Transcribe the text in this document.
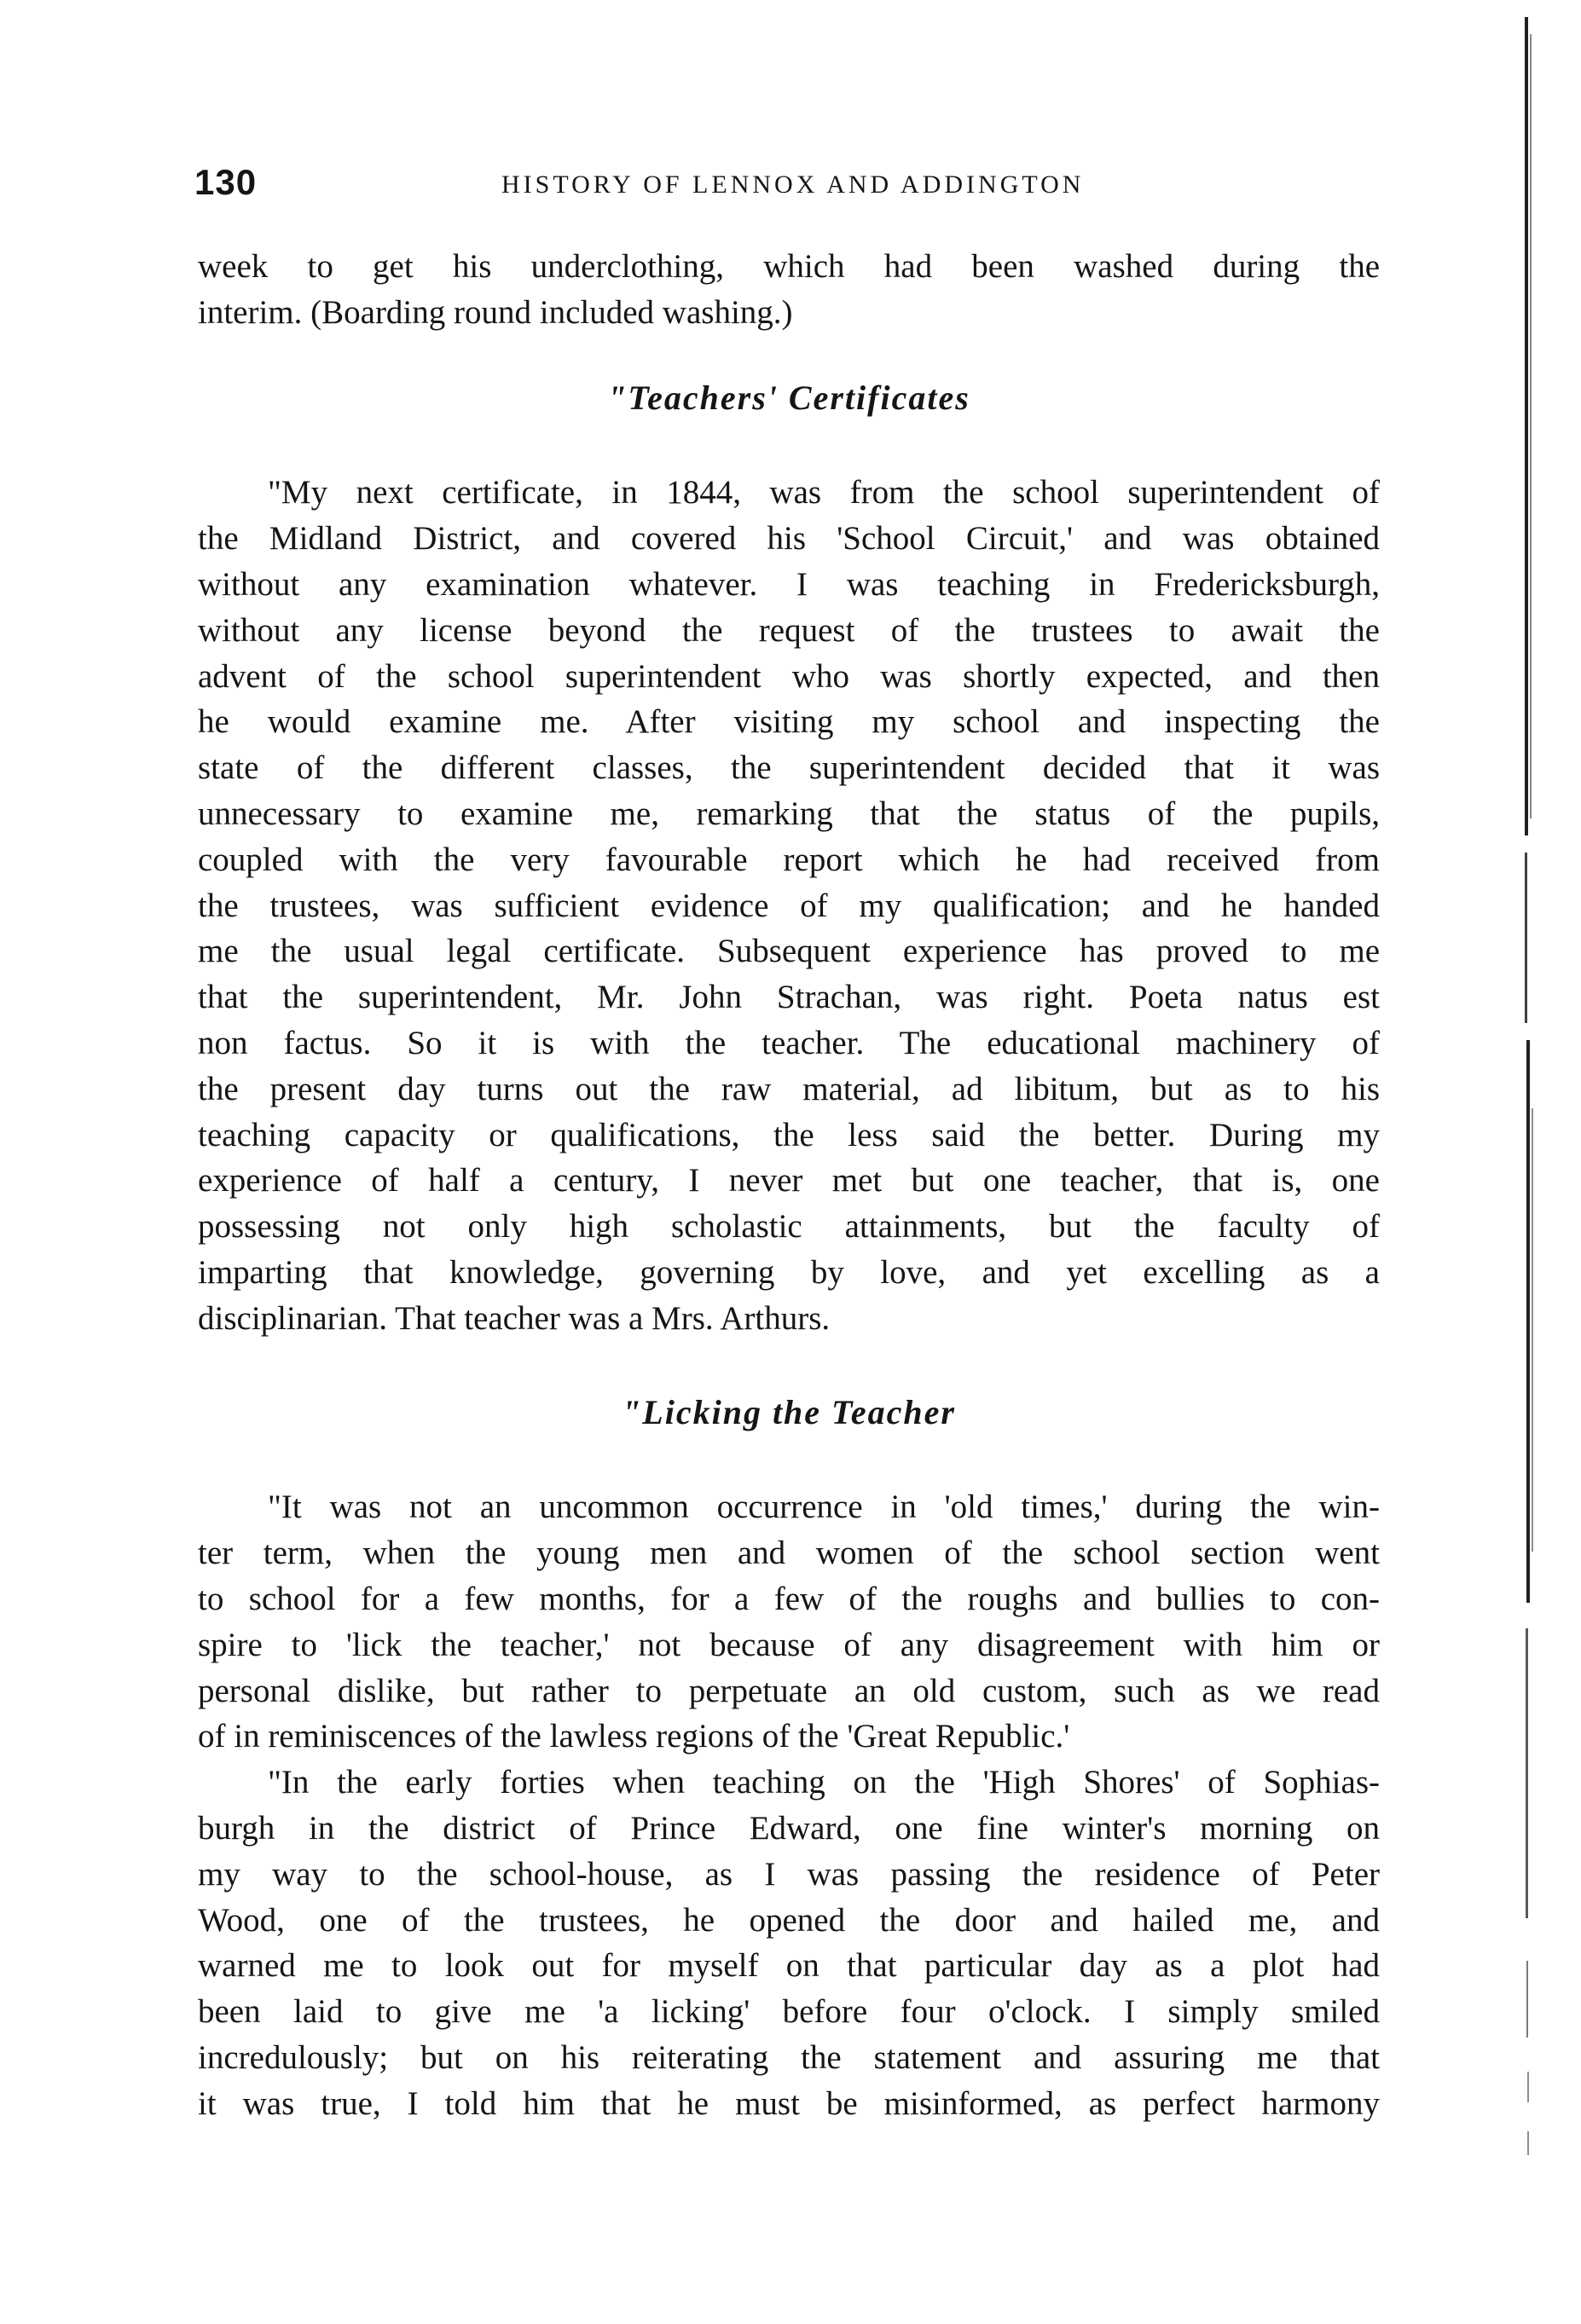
130	HISTORY OF LENNOX AND ADDINGTON

week to get his underclothing, which had been washed during the
interim. (Boarding round included washing.)

"Teachers' Certificates

"My next certificate, in 1844, was from the school superintendent of
the Midland District, and covered his 'School Circuit,' and was obtained
without any examination whatever. I was teaching in Fredericksburgh,
without any license beyond the request of the trustees to await the
advent of the school superintendent who was shortly expected, and then
he would examine me. After visiting my school and inspecting the
state of the different classes, the superintendent decided that it was
unnecessary to examine me, remarking that the status of the pupils,
coupled with the very favourable report which he had received from
the trustees, was sufficient evidence of my qualification; and he handed
me the usual legal certificate. Subsequent experience has proved to me
that the superintendent, Mr. John Strachan, was right. Poeta natus est
non factus. So it is with the teacher. The educational machinery of
the present day turns out the raw material, ad libitum, but as to his
teaching capacity or qualifications, the less said the better. During my
experience of half a century, I never met but one teacher, that is, one
possessing not only high scholastic attainments, but the faculty of
imparting that knowledge, governing by love, and yet excelling as a
disciplinarian. That teacher was a Mrs. Arthurs.

"Licking the Teacher

"It was not an uncommon occurrence in 'old times,' during the win-
ter term, when the young men and women of the school section went
to school for a few months, for a few of the roughs and bullies to con-
spire to 'lick the teacher,' not because of any disagreement with him or
personal dislike, but rather to perpetuate an old custom, such as we read
of in reminiscences of the lawless regions of the 'Great Republic.'

"In the early forties when teaching on the 'High Shores' of Sophias-
burgh in the district of Prince Edward, one fine winter's morning on
my way to the school-house, as I was passing the residence of Peter
Wood, one of the trustees, he opened the door and hailed me, and
warned me to look out for myself on that particular day as a plot had
been laid to give me 'a licking' before four o'clock. I simply smiled
incredulously; but on his reiterating the statement and assuring me that
it was true, I told him that he must be misinformed, as perfect harmony
